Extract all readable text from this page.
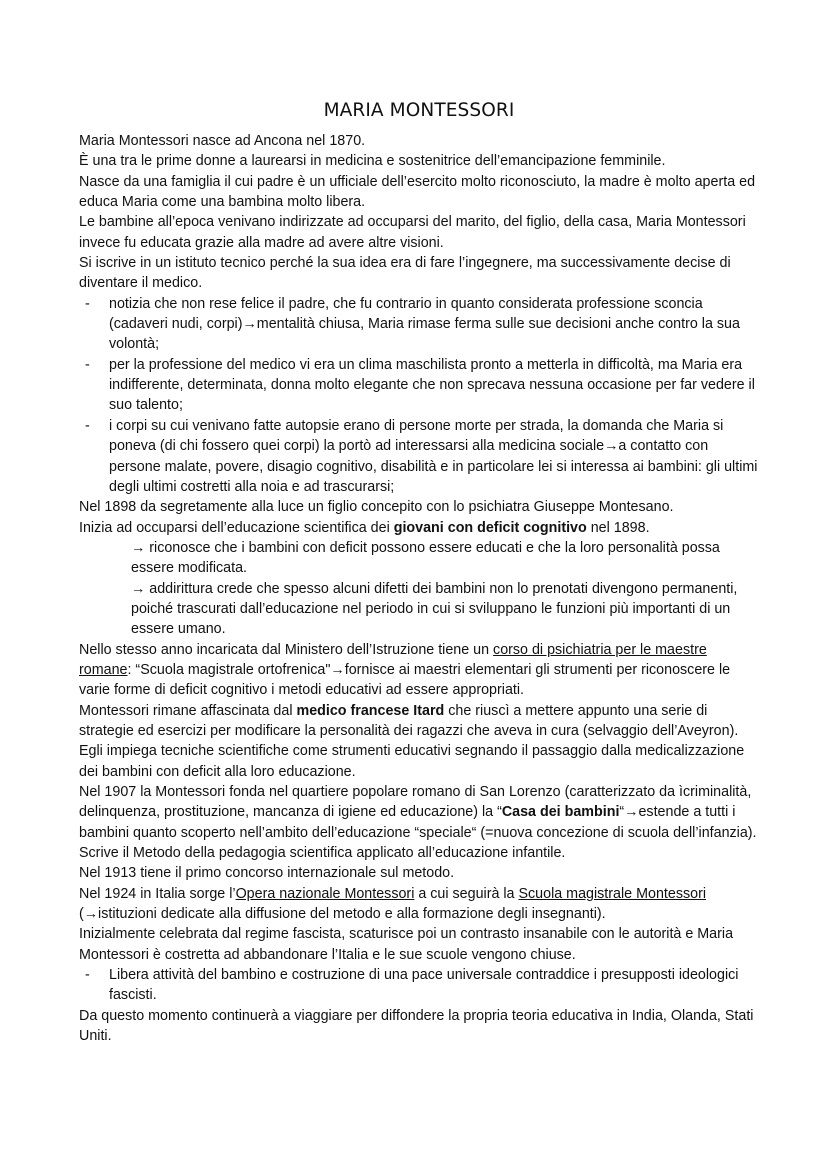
MARIA MONTESSORI

Maria Montessori nasce ad Ancona nel 1870.

È una tra le prime donne a laurearsi in medicina e sostenitrice dell’emancipazione femminile.

Nasce da una famiglia il cui padre è un ufficiale dell’esercito molto riconosciuto, la madre è molto aperta ed educa Maria come una bambina molto libera.

Le bambine all’epoca venivano indirizzate ad occuparsi del marito, del figlio, della casa, Maria Montessori invece fu educata grazie alla madre ad avere altre visioni.

Si iscrive in un istituto tecnico perché la sua idea era di fare l’ingegnere, ma successivamente decise di diventare il medico.

- notizia che non rese felice il padre, che fu contrario in quanto considerata professione sconcia (cadaveri nudi, corpi)→mentalità chiusa, Maria rimase ferma sulle sue decisioni anche contro la sua volontà;
- per la professione del medico vi era un clima maschilista pronto a metterla in difficoltà, ma Maria era indifferente, determinata, donna molto elegante che non sprecava nessuna occasione per far vedere il suo talento;
- i corpi su cui venivano fatte autopsie erano di persone morte per strada, la domanda che Maria si poneva (di chi fossero quei corpi) la portò ad interessarsi alla medicina sociale→a contatto con persone malate, povere, disagio cognitivo, disabilità e in particolare lei si interessa ai bambini: gli ultimi degli ultimi costretti alla noia e ad trascurarsi;

Nel 1898 da segretamente alla luce un figlio concepito con lo psichiatra Giuseppe Montesano.

Inizia ad occuparsi dell’educazione scientifica dei giovani con deficit cognitivo nel 1898.

→ riconosce che i bambini con deficit possono essere educati e che la loro personalità possa essere modificata.
→ addirittura crede che spesso alcuni difetti dei bambini non lo prenotati divengono permanenti, poiché trascurati dall’educazione nel periodo in cui si sviluppano le funzioni più importanti di un essere umano.

Nello stesso anno incaricata dal Ministero dell’Istruzione tiene un corso di psichiatria per le maestre romane: “Scuola magistrale ortofrenica"→fornisce ai maestri elementari gli strumenti per riconoscere le varie forme di deficit cognitivo i metodi educativi ad essere appropriati.

Montessori rimane affascinata dal medico francese Itard che riuscì a mettere appunto una serie di strategie ed esercizi per modificare la personalità dei ragazzi che aveva in cura (selvaggio dell’Aveyron).

Egli impiega tecniche scientifiche come strumenti educativi segnando il passaggio dalla medicalizzazione dei bambini con deficit alla loro educazione.

Nel 1907 la Montessori fonda nel quartiere popolare romano di San Lorenzo (caratterizzato da ìcriminalità, delinquenza, prostituzione, mancanza di igiene ed educazione) la “Casa dei bambini“→estende a tutti i bambini quanto scoperto nell’ambito dell’educazione “speciale“ (=nuova concezione di scuola dell’infanzia).

Scrive il Metodo della pedagogia scientifica applicato all’educazione infantile.

Nel 1913 tiene il primo concorso internazionale sul metodo.

Nel 1924 in Italia sorge l’Opera nazionale Montessori a cui seguirà la Scuola magistrale Montessori (→istituzioni dedicate alla diffusione del metodo e alla formazione degli insegnanti).

Inizialmente celebrata dal regime fascista, scaturisce poi un contrasto insanabile con le autorità e Maria Montessori è costretta ad abbandonare l’Italia e le sue scuole vengono chiuse.

- Libera attività del bambino e costruzione di una pace universale contraddice i presupposti ideologici fascisti.

Da questo momento continuerà a viaggiare per diffondere la propria teoria educativa in India, Olanda, Stati Uniti.
